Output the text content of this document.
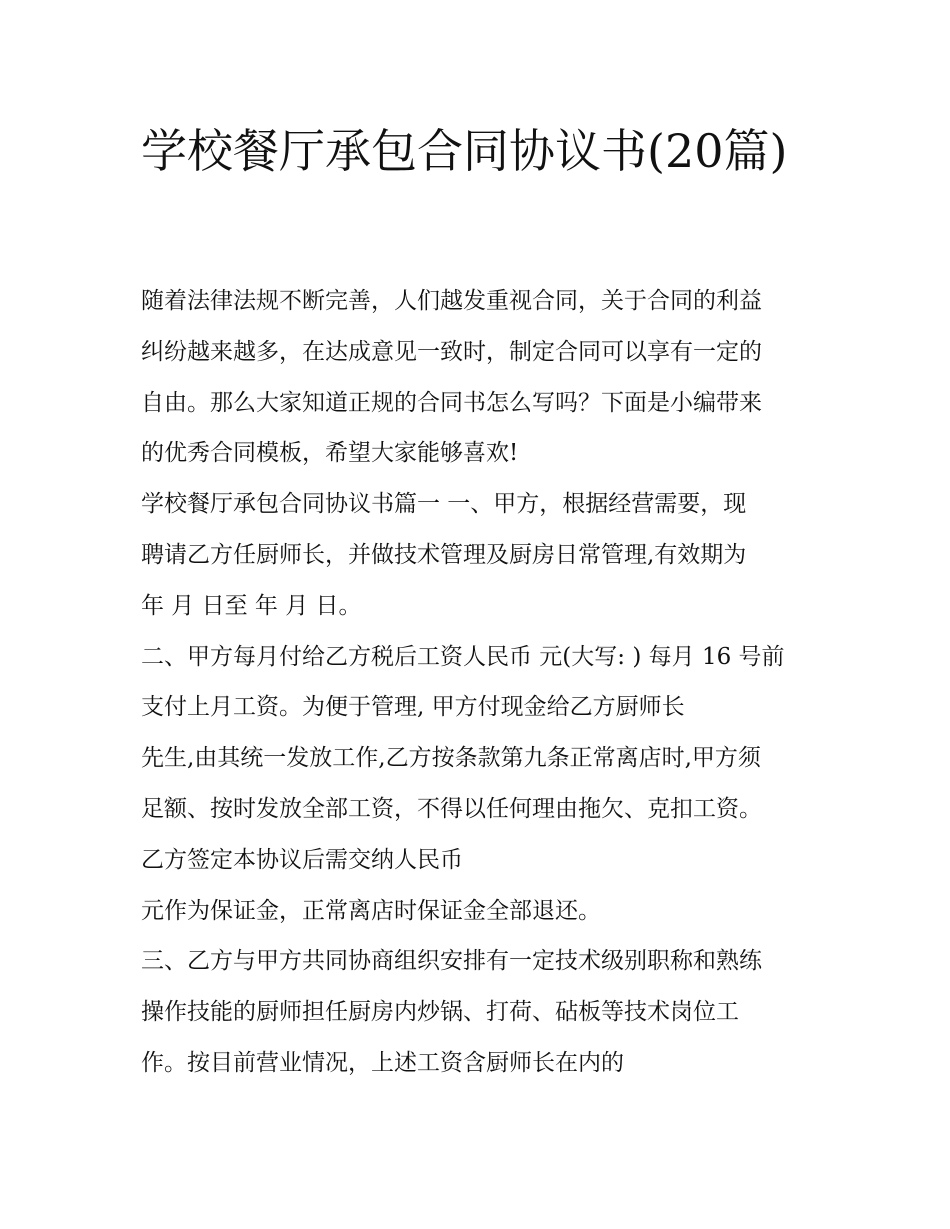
学校餐厅承包合同协议书(20篇)
随着法律法规不断完善，人们越发重视合同，关于合同的利益
纠纷越来越多，在达成意见一致时，制定合同可以享有一定的
自由。那么大家知道正规的合同书怎么写吗？下面是小编带来
的优秀合同模板，希望大家能够喜欢!
学校餐厅承包合同协议书篇一 一、甲方，根据经营需要，现
聘请乙方任厨师长，并做技术管理及厨房日常管理,有效期为
年 月 日至 年 月 日。
二、甲方每月付给乙方税后工资人民币 元(大写: ) 每月 16 号前
支付上月工资。为便于管理, 甲方付现金给乙方厨师长
先生,由其统一发放工作,乙方按条款第九条正常离店时,甲方须
足额、按时发放全部工资，不得以任何理由拖欠、克扣工资。
乙方签定本协议后需交纳人民币
元作为保证金，正常离店时保证金全部退还。
三、乙方与甲方共同协商组织安排有一定技术级别职称和熟练
操作技能的厨师担任厨房内炒锅、打荷、砧板等技术岗位工
作。按目前营业情况，上述工资含厨师长在内的
